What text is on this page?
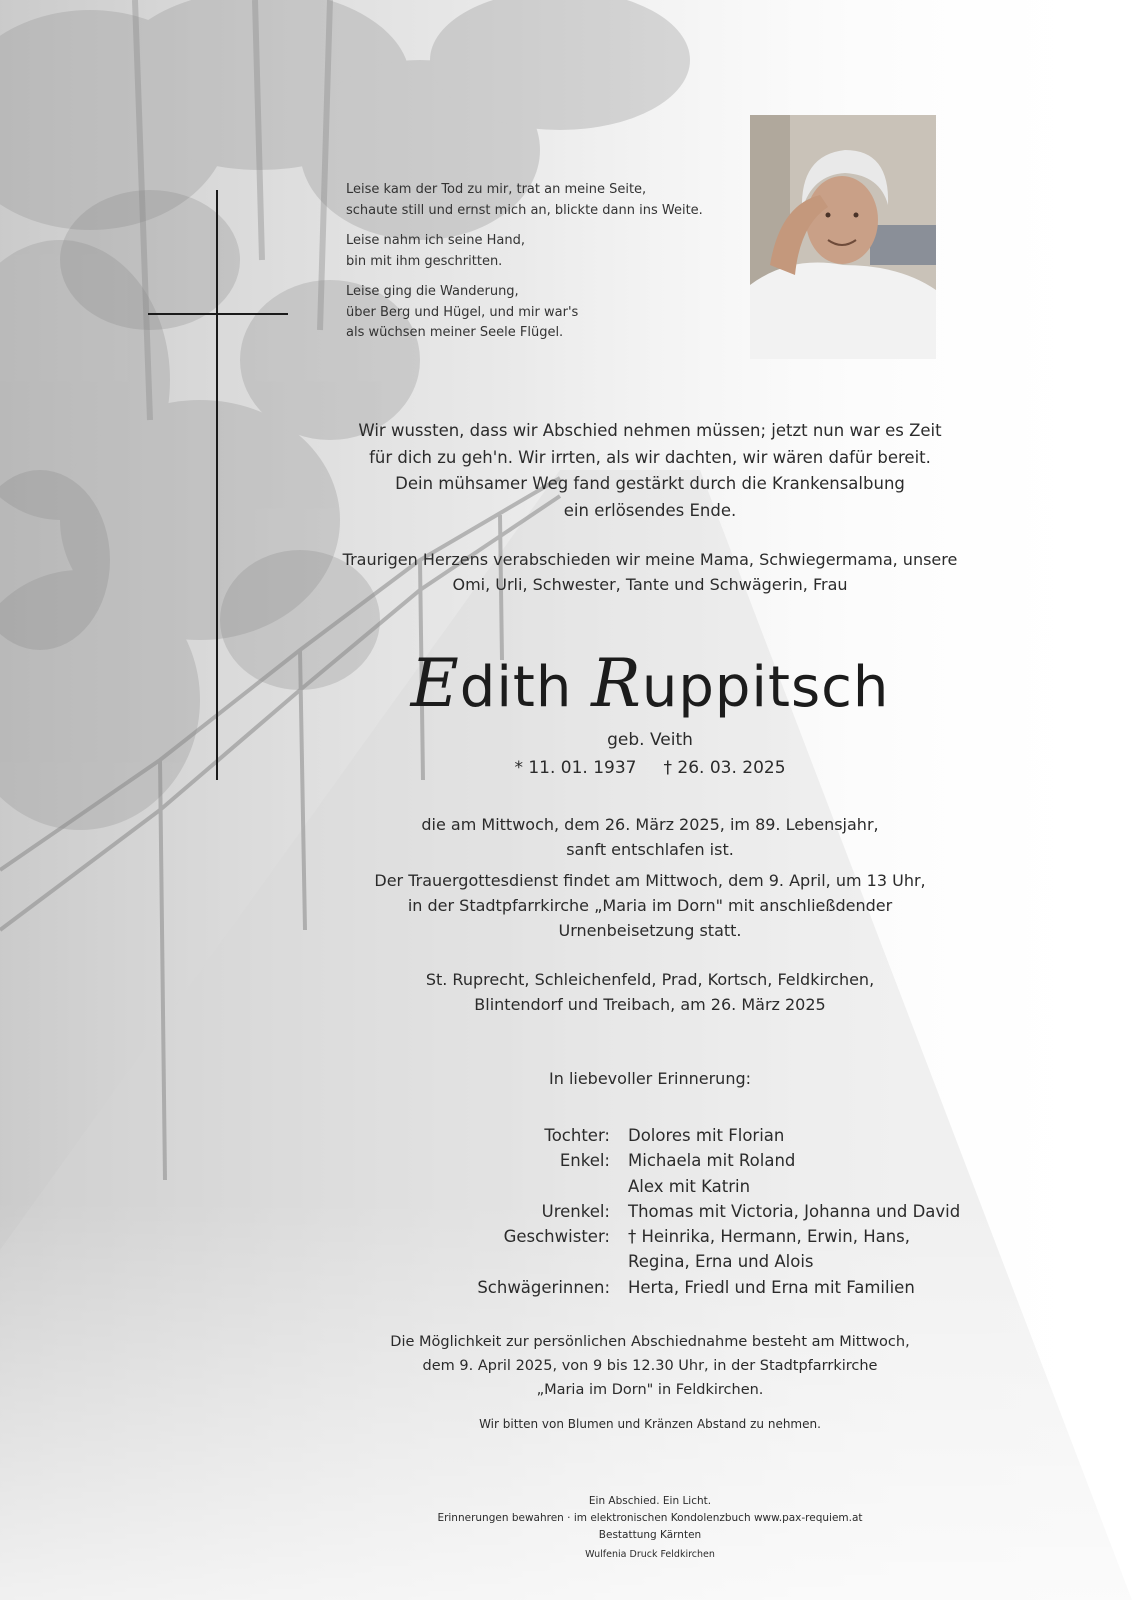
Leise kam der Tod zu mir, trat an meine Seite,
schaute still und ernst mich an, blickte dann ins Weite.

Leise nahm ich seine Hand,
bin mit ihm geschritten.

Leise ging die Wanderung,
über Berg und Hügel, und mir war's
als wüchsen meiner Seele Flügel.

Wir wussten, dass wir Abschied nehmen müssen; jetzt nun war es Zeit
für dich zu geh'n. Wir irrten, als wir dachten, wir wären dafür bereit.
Dein mühsamer Weg fand gestärkt durch die Krankensalbung
ein erlösendes Ende.
Traurigen Herzens verabschieden wir meine Mama, Schwiegermama, unsere
Omi, Urli, Schwester, Tante und Schwägerin, Frau
Edith Ruppitsch
geb. Veith
* 11. 01. 1937 † 26. 03. 2025
die am Mittwoch, dem 26. März 2025, im 89. Lebensjahr,
sanft entschlafen ist.
Der Trauergottesdienst findet am Mittwoch, dem 9. April, um 13 Uhr,
in der Stadtpfarrkirche „Maria im Dorn" mit anschließdender
Urnenbeisetzung statt.
St. Ruprecht, Schleichenfeld, Prad, Kortsch, Feldkirchen,
Blintendorf und Treibach, am 26. März 2025
In liebevoller Erinnerung:
Tochter:	Dolores mit Florian
Enkel:	Michaela mit Roland
	Alex mit Katrin
Urenkel:	Thomas mit Victoria, Johanna und David
Geschwister:	† Heinrika, Hermann, Erwin, Hans,
	Regina, Erna und Alois
Schwägerinnen:	Herta, Friedl und Erna mit Familien
Die Möglichkeit zur persönlichen Abschiednahme besteht am Mittwoch,
dem 9. April 2025, von 9 bis 12.30 Uhr, in der Stadtpfarrkirche
„Maria im Dorn" in Feldkirchen.
Wir bitten von Blumen und Kränzen Abstand zu nehmen.
Ein Abschied. Ein Licht.
Erinnerungen bewahren · im elektronischen Kondolenzbuch www.pax-requiem.at
Bestattung Kärnten
Wulfenia Druck Feldkirchen
